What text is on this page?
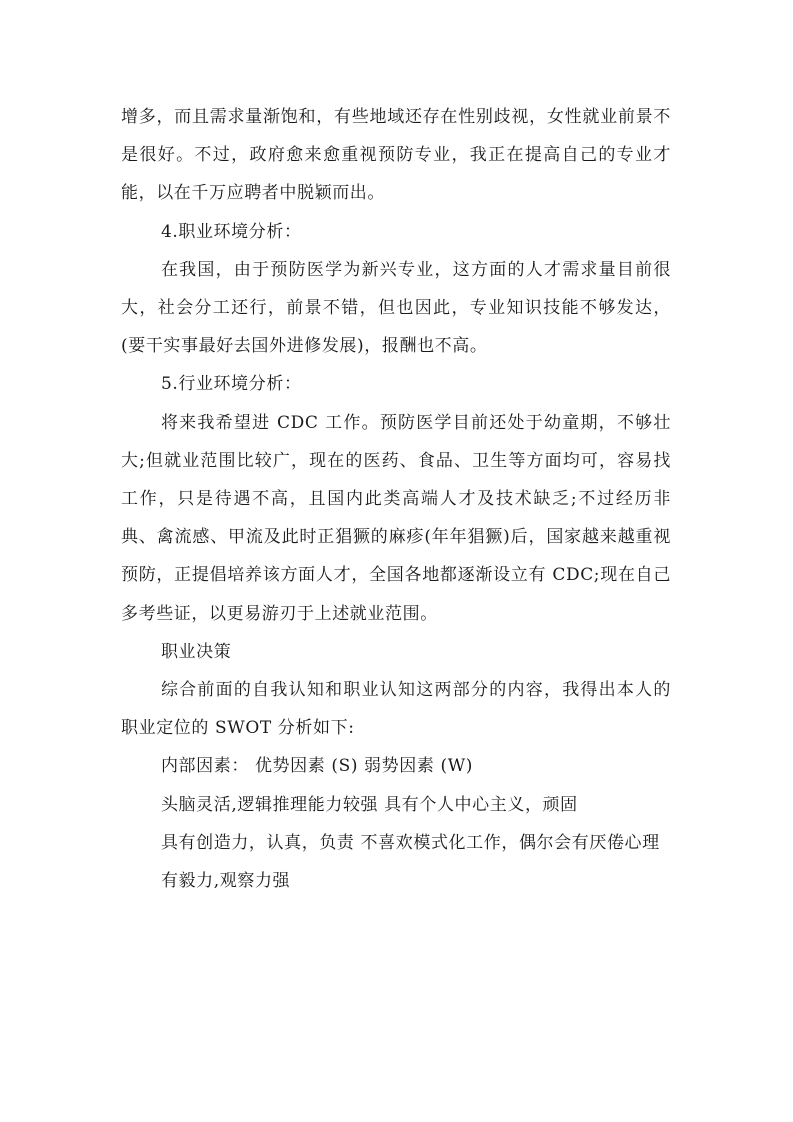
增多，而且需求量渐饱和，有些地域还存在性别歧视，女性就业前景不是很好。不过，政府愈来愈重视预防专业，我正在提高自己的专业才能，以在千万应聘者中脱颖而出。

4.职业环境分析：

在我国，由于预防医学为新兴专业，这方面的人才需求量目前很大，社会分工还行，前景不错，但也因此，专业知识技能不够发达，(要干实事最好去国外进修发展)，报酬也不高。

5.行业环境分析：

将来我希望进 CDC 工作。预防医学目前还处于幼童期，不够壮大;但就业范围比较广，现在的医药、食品、卫生等方面均可，容易找工作，只是待遇不高，且国内此类高端人才及技术缺乏;不过经历非典、禽流感、甲流及此时正猖獗的麻疹(年年猖獗)后，国家越来越重视预防，正提倡培养该方面人才，全国各地都逐渐设立有 CDC;现在自己多考些证，以更易游刃于上述就业范围。

职业决策

综合前面的自我认知和职业认知这两部分的内容，我得出本人的职业定位的 SWOT 分析如下:

内部因素： 优势因素 (S) 弱势因素 (W)

头脑灵活,逻辑推理能力较强 具有个人中心主义，顽固

具有创造力，认真，负责 不喜欢模式化工作，偶尔会有厌倦心理

有毅力,观察力强
